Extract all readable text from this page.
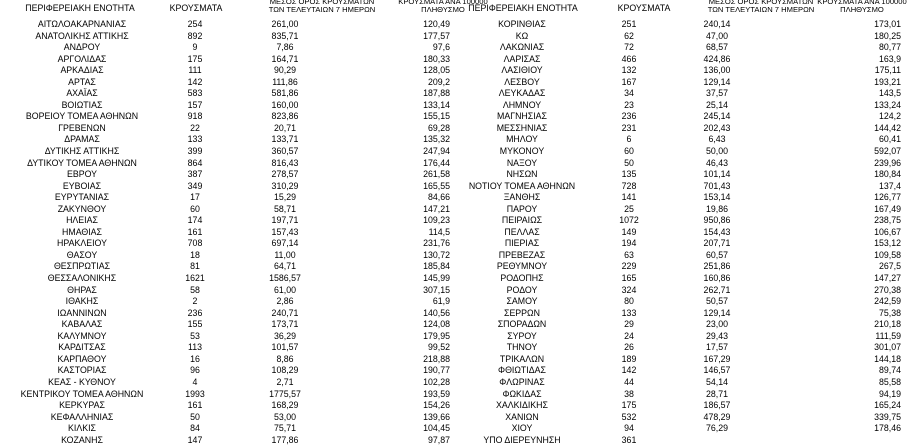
ΠΕΡΙΦΕΡΕΙΑΚΗ ΕΝΟΤΗΤΑ	ΚΡΟΥΣΜΑΤΑ
ΜΕΣΟΣ ΟΡΟΣ ΚΡΟΥΣΜΑΤΩΝ
ΤΩΝ ΤΕΛΕΥΤΑΙΩΝ 7 ΗΜΕΡΩΝ
ΚΡΟΥΣΜΑΤΑ ΑΝΑ 100000
ΠΛΗΘΥΣΜΟ ΠΕΡΙΦΕΡΕΙΑΚΗ ΕΝΟΤΗΤΑ	ΚΡΟΥΣΜΑΤΑ
ΜΕΣΟΣ ΟΡΟΣ ΚΡΟΥΣΜΑΤΩΝ
ΤΩΝ ΤΕΛΕΥΤΑΙΩΝ 7 ΗΜΕΡΩΝ
ΚΡΟΥΣΜΑΤΑ ΑΝΑ 100000
ΠΛΗΘΥΣΜΟ
ΑΙΤΩΛΟΑΚΑΡΝΑΝΙΑΣ	254	261,00	120,49
ΑΝΑΤΟΛΙΚΗΣ ΑΤΤΙΚΗΣ	892	835,71	177,57
ΑΝΔΡΟΥ	9	7,86	97,6
ΑΡΓΟΛΙΔΑΣ	175	164,71	180,33
ΑΡΚΑΔΙΑΣ	111	90,29	128,05
ΑΡΤΑΣ	142	111,86	209,2
ΑΧΑΪΑΣ	583	581,86	187,88
ΒΟΙΩΤΙΑΣ	157	160,00	133,14
ΒΟΡΕΙΟΥ ΤΟΜΕΑ ΑΘΗΝΩΝ	918	823,86	155,15
ΓΡΕΒΕΝΩΝ	22	20,71	69,28
ΔΡΑΜΑΣ	133	133,71	135,32
ΔΥΤΙΚΗΣ ΑΤΤΙΚΗΣ	399	360,57	247,94
ΔΥΤΙΚΟΥ ΤΟΜΕΑ ΑΘΗΝΩΝ	864	816,43	176,44
ΕΒΡΟΥ	387	278,57	261,58
ΕΥΒΟΙΑΣ	349	310,29	165,55
ΕΥΡΥΤΑΝΙΑΣ	17	15,29	84,66
ΖΑΚΥΝΘΟΥ	60	58,71	147,21
ΗΛΕΙΑΣ	174	197,71	109,23
ΗΜΑΘΙΑΣ	161	157,43	114,5
ΗΡΑΚΛΕΙΟΥ	708	697,14	231,76
ΘΑΣΟΥ	18	11,00	130,72
ΘΕΣΠΡΩΤΙΑΣ	81	64,71	185,84
ΘΕΣΣΑΛΟΝΙΚΗΣ	1621	1586,57	145,99
ΘΗΡΑΣ	58	61,00	307,15
ΙΘΑΚΗΣ	2	2,86	61,9
ΙΩΑΝΝΙΝΩΝ	236	240,71	140,56
ΚΑΒΑΛΑΣ	155	173,71	124,08
ΚΑΛΥΜΝΟΥ	53	36,29	179,95
ΚΑΡΔΙΤΣΑΣ	113	101,57	99,52
ΚΑΡΠΑΘΟΥ	16	8,86	218,88
ΚΑΣΤΟΡΙΑΣ	96	108,29	190,77
ΚΕΑΣ - ΚΥΘΝΟΥ	4	2,71	102,28
ΚΕΝΤΡΙΚΟΥ ΤΟΜΕΑ ΑΘΗΝΩΝ	1993	1775,57	193,59
ΚΕΡΚΥΡΑΣ	161	168,29	154,26
ΚΕΦΑΛΛΗΝΙΑΣ	50	53,00	139,66
ΚΙΛΚΙΣ	84	75,71	104,45
ΚΟΖΑΝΗΣ	147	177,86	97,87
ΚΟΡΙΝΘΙΑΣ	251	240,14	173,01
ΚΩ	62	47,00	180,25
ΛΑΚΩΝΙΑΣ	72	68,57	80,77
ΛΑΡΙΣΑΣ	466	424,86	163,9
ΛΑΣΙΘΙΟΥ	132	136,00	175,11
ΛΕΣΒΟΥ	167	129,14	193,21
ΛΕΥΚΑΔΑΣ	34	37,57	143,5
ΛΗΜΝΟΥ	23	25,14	133,24
ΜΑΓΝΗΣΙΑΣ	236	245,14	124,2
ΜΕΣΣΗΝΙΑΣ	231	202,43	144,42
ΜΗΛΟΥ	6	6,43	60,41
ΜΥΚΟΝΟΥ	60	50,00	592,07
ΝΑΞΟΥ	50	46,43	239,96
ΝΗΣΩΝ	135	101,14	180,84
ΝΟΤΙΟΥ ΤΟΜΕΑ ΑΘΗΝΩΝ	728	701,43	137,4
ΞΑΝΘΗΣ	141	153,14	126,77
ΠΑΡΟΥ	25	19,86	167,49
ΠΕΙΡΑΙΩΣ	1072	950,86	238,75
ΠΕΛΛΑΣ	149	154,43	106,67
ΠΙΕΡΙΑΣ	194	207,71	153,12
ΠΡΕΒΕΖΑΣ	63	60,57	109,58
ΡΕΘΥΜΝΟΥ	229	251,86	267,5
ΡΟΔΟΠΗΣ	165	160,86	147,27
ΡΟΔΟΥ	324	262,71	270,38
ΣΑΜΟΥ	80	50,57	242,59
ΣΕΡΡΩΝ	133	129,14	75,38
ΣΠΟΡΑΔΩΝ	29	23,00	210,18
ΣΥΡΟΥ	24	29,43	111,59
ΤΗΝΟΥ	26	17,57	301,07
ΤΡΙΚΑΛΩΝ	189	167,29	144,18
ΦΘΙΩΤΙΔΑΣ	142	146,57	89,74
ΦΛΩΡΙΝΑΣ	44	54,14	85,58
ΦΩΚΙΔΑΣ	38	28,71	94,19
ΧΑΛΚΙΔΙΚΗΣ	175	186,57	165,24
ΧΑΝΙΩΝ	532	478,29	339,75
ΧΙΟΥ	94	76,29	178,46
ΥΠΟ ΔΙΕΡΕΥΝΗΣΗ	361		
